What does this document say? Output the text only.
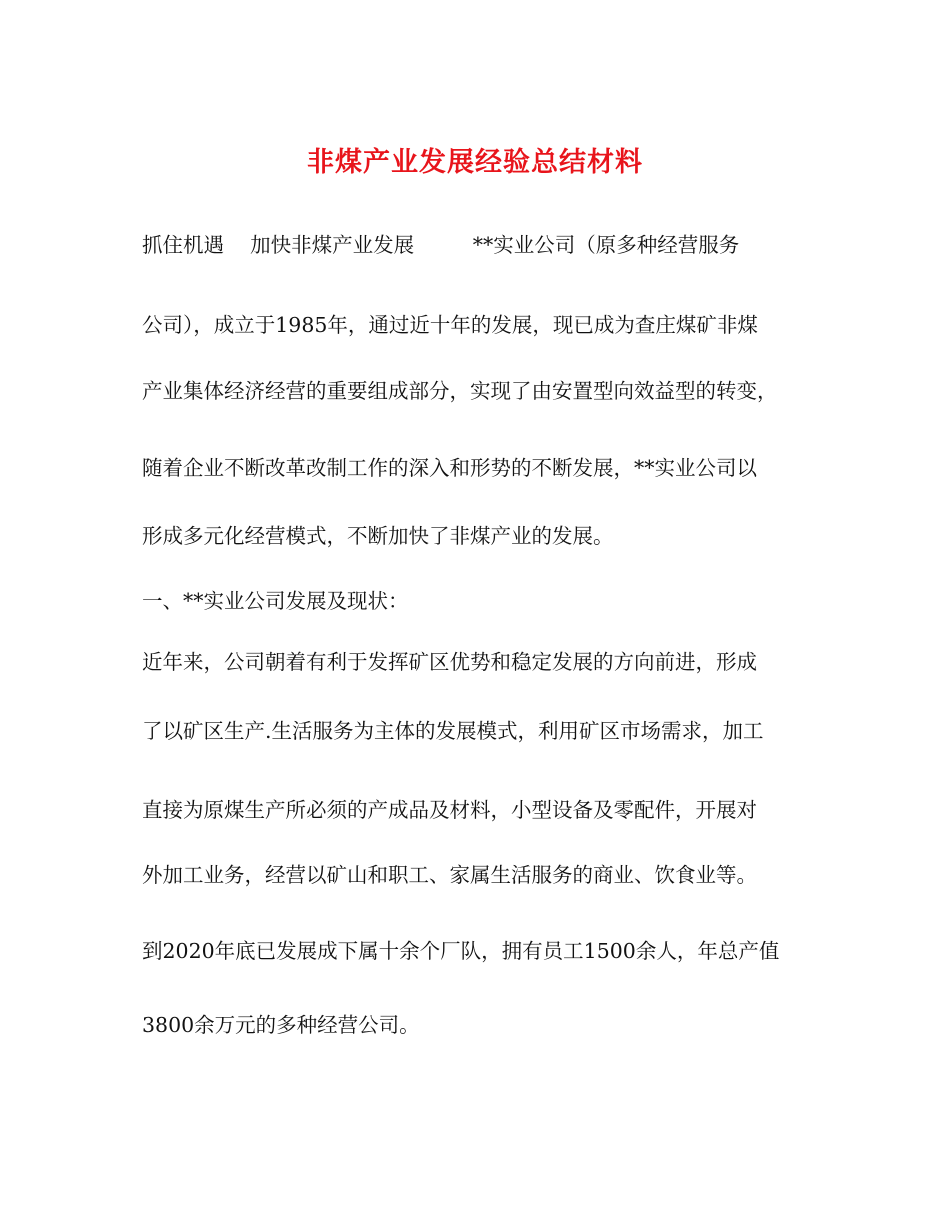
非煤产业发展经验总结材料
抓住机遇    加快非煤产业发展         **实业公司（原多种经营服务
公司），成立于1985年，通过近十年的发展，现已成为查庄煤矿非煤
产业集体经济经营的重要组成部分，实现了由安置型向效益型的转变，
随着企业不断改革改制工作的深入和形势的不断发展，**实业公司以
形成多元化经营模式，不断加快了非煤产业的发展。
一、**实业公司发展及现状：
近年来，公司朝着有利于发挥矿区优势和稳定发展的方向前进，形成
了以矿区生产.生活服务为主体的发展模式，利用矿区市场需求，加工
直接为原煤生产所必须的产成品及材料，小型设备及零配件，开展对
外加工业务，经营以矿山和职工、家属生活服务的商业、饮食业等。
到2020年底已发展成下属十余个厂队，拥有员工1500余人，年总产值
3800余万元的多种经营公司。
